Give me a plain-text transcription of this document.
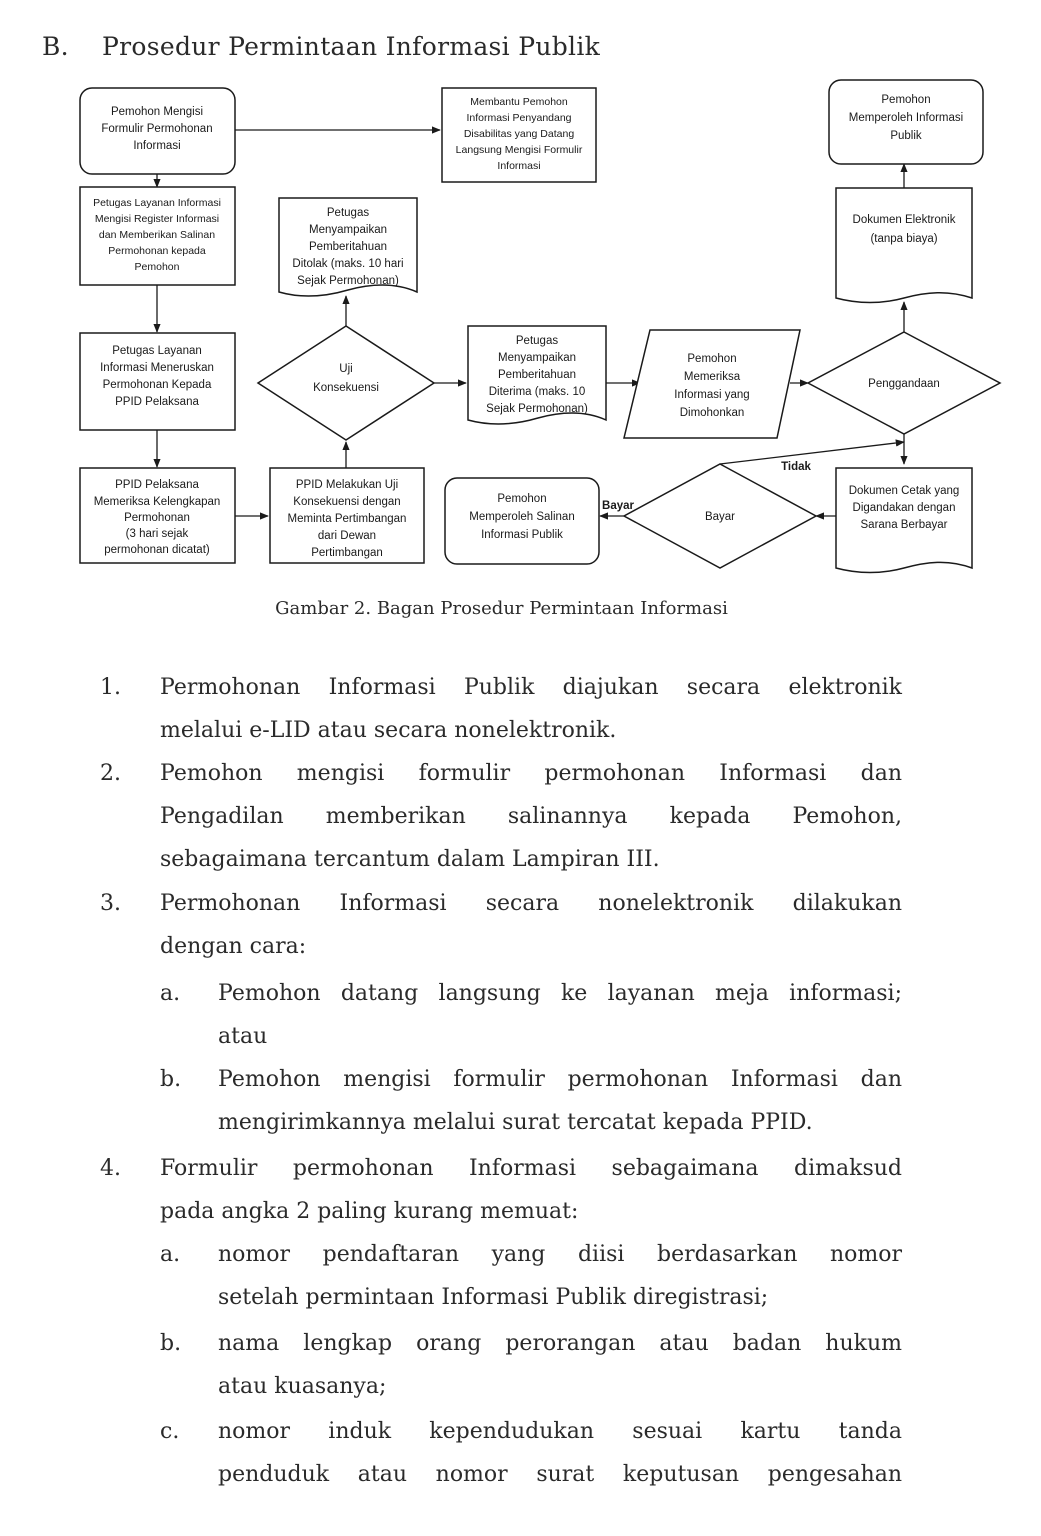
B. Prosedur Permintaan Informasi Publik
Pemohon Mengisi Formulir Permohonan Informasi
Membantu Pemohon Informasi Penyandang Disabilitas yang Datang Langsung Mengisi Formulir Informasi
Pemohon Memperoleh Informasi Publik
Petugas Layanan Informasi Mengisi Register Informasi dan Memberikan Salinan Permohonan kepada Pemohon
Petugas Menyampaikan Pemberitahuan Ditolak (maks. 10 hari Sejak Permohonan)
Dokumen Elektronik (tanpa biaya)
Petugas Layanan Informasi Meneruskan Permohonan Kepada PPID Pelaksana
Uji Konsekuensi
Petugas Menyampaikan Pemberitahuan Diterima (maks. 10 Sejak Permohonan)
Pemohon Memeriksa Informasi yang Dimohonkan
Penggandaan
PPID Pelaksana Memeriksa Kelengkapan Permohonan (3 hari sejak permohonan dicatat)
PPID Melakukan Uji Konsekuensi dengan Meminta Pertimbangan dari Dewan Pertimbangan
Pemohon Memperoleh Salinan Informasi Publik
Bayar
Dokumen Cetak yang Digandakan dengan Sarana Berbayar
Tidak
Bayar

Gambar 2. Bagan Prosedur Permintaan Informasi

1. Permohonan Informasi Publik diajukan secara elektronik
melalui e-LID atau secara nonelektronik.
2. Pemohon mengisi formulir permohonan Informasi dan
Pengadilan memberikan salinannya kepada Pemohon,
sebagaimana tercantum dalam Lampiran III.
3. Permohonan Informasi secara nonelektronik dilakukan
dengan cara:
a. Pemohon datang langsung ke layanan meja informasi;
atau
b. Pemohon mengisi formulir permohonan Informasi dan
mengirimkannya melalui surat tercatat kepada PPID.
4. Formulir permohonan Informasi sebagaimana dimaksud
pada angka 2 paling kurang memuat:
a. nomor pendaftaran yang diisi berdasarkan nomor
setelah permintaan Informasi Publik diregistrasi;
b. nama lengkap orang perorangan atau badan hukum
atau kuasanya;
c. nomor induk kependudukan sesuai kartu tanda
penduduk atau nomor surat keputusan pengesahan
